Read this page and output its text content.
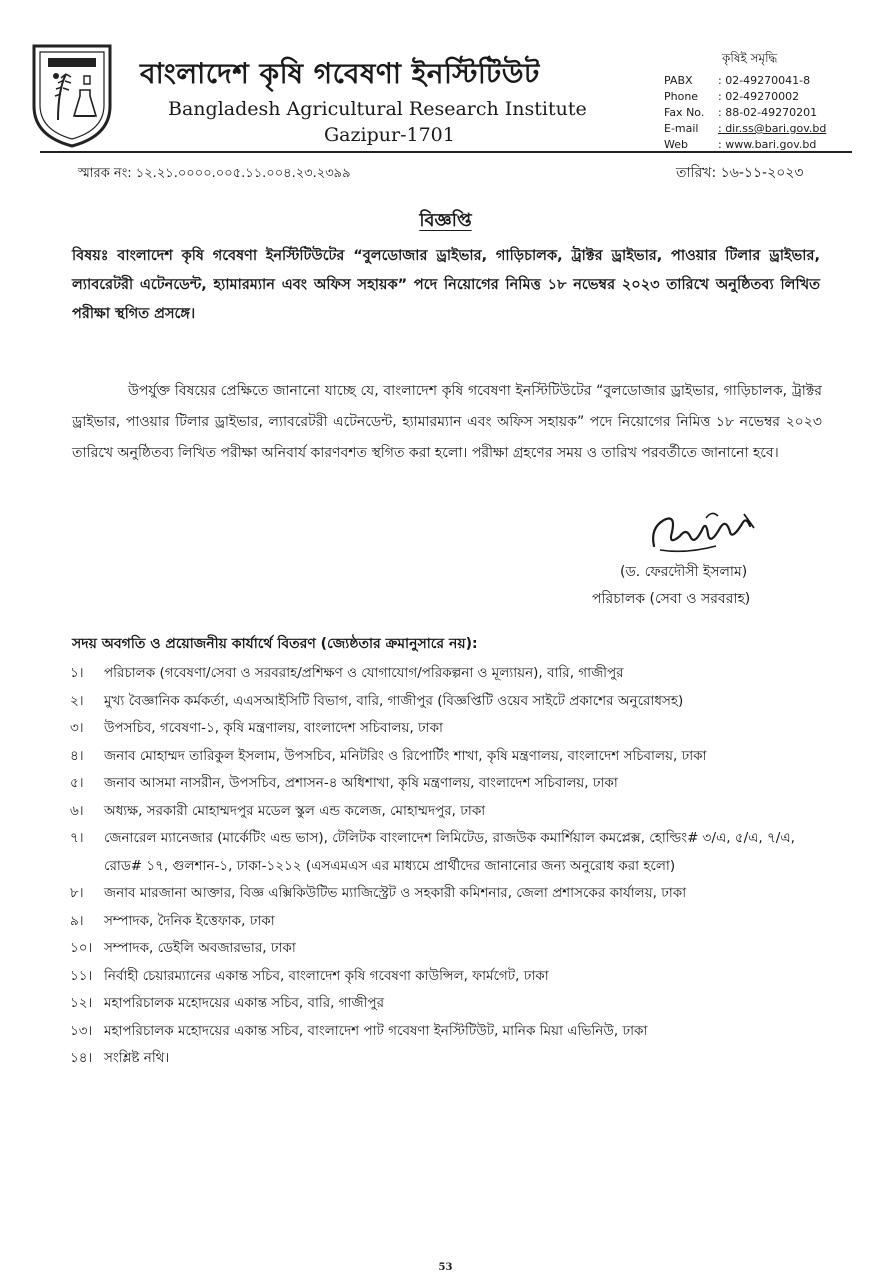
বাংলাদেশ কৃষি গবেষণা ইনস্টিটিউট
Bangladesh Agricultural Research Institute
Gazipur-1701
কৃষিই সমৃদ্ধি
PABX : 02-49270041-8
Phone : 02-49270002
Fax No. : 88-02-49270201
E-mail : dir.ss@bari.gov.bd
Web	: www.bari.gov.bd
স্মারক নং: ১২.২১.০০০০.০০৫.১১.০০৪.২৩.২৩৯৯	তারিখ: ১৬-১১-২০২৩
বিজ্ঞপ্তি
বিষয়ঃ বাংলাদেশ কৃষি গবেষণা ইনস্টিটিউটের “বুলডোজার ড্রাইভার, গাড়িচালক, ট্রাক্টর ড্রাইভার, পাওয়ার টিলার ড্রাইভার, ল্যাবরেটরী এটেনডেন্ট, হ্যামারম্যান এবং অফিস সহায়ক” পদে নিয়োগের নিমিত্ত ১৮ নভেম্বর ২০২৩ তারিখে অনুষ্ঠিতব্য লিখিত পরীক্ষা স্থগিত প্রসঙ্গে।
উপর্যুক্ত বিষয়ের প্রেক্ষিতে জানানো যাচ্ছে যে, বাংলাদেশ কৃষি গবেষণা ইনস্টিটিউটের “বুলডোজার ড্রাইভার, গাড়িচালক, ট্রাক্টর ড্রাইভার, পাওয়ার টিলার ড্রাইভার, ল্যাবরেটরী এটেনডেন্ট, হ্যামারম্যান এবং অফিস সহায়ক” পদে নিয়োগের নিমিত্ত ১৮ নভেম্বর ২০২৩ তারিখে অনুষ্ঠিতব্য লিখিত পরীক্ষা অনিবার্য কারণবশত স্থগিত করা হলো। পরীক্ষা গ্রহণের সময় ও তারিখ পরবর্তীতে জানানো হবে।
(ড. ফেরদৌসী ইসলাম)
পরিচালক (সেবা ও সরবরাহ)
সদয় অবগতি ও প্রয়োজনীয় কার্যার্থে বিতরণ (জ্যেষ্ঠতার ক্রমানুসারে নয়):
১।	পরিচালক (গবেষণা/সেবা ও সরবরাহ/প্রশিক্ষণ ও যোগাযোগ/পরিকল্পনা ও মূল্যায়ন), বারি, গাজীপুর
২।	মুখ্য বৈজ্ঞানিক কর্মকর্তা, এএসআইসিটি বিভাগ, বারি, গাজীপুর (বিজ্ঞপ্তিটি ওয়েব সাইটে প্রকাশের অনুরোধসহ)
৩।	উপসচিব, গবেষণা-১, কৃষি মন্ত্রণালয়, বাংলাদেশ সচিবালয়, ঢাকা
৪।	জনাব মোহাম্মদ তারিকুল ইসলাম, উপসচিব, মনিটরিং ও রিপোর্টিং শাখা, কৃষি মন্ত্রণালয়, বাংলাদেশ সচিবালয়, ঢাকা
৫।	জনাব আসমা নাসরীন, উপসচিব, প্রশাসন-৪ অধিশাখা, কৃষি মন্ত্রণালয়, বাংলাদেশ সচিবালয়, ঢাকা
৬।	অধ্যক্ষ, সরকারী মোহাম্মদপুর মডেল স্কুল এন্ড কলেজ, মোহাম্মদপুর, ঢাকা
৭।	জেনারেল ম্যানেজার (মার্কেটিং এন্ড ভাস), টেলিটক বাংলাদেশ লিমিটেড, রাজউক কমার্শিয়াল কমপ্লেক্স, হোল্ডিং# ৩/এ, ৫/এ, ৭/এ, রোড# ১৭, গুলশান-১, ঢাকা-১২১২ (এসএমএস এর মাধ্যমে প্রার্থীদের জানানোর জন্য অনুরোধ করা হলো)
৮।	জনাব মারজানা আক্তার, বিজ্ঞ এক্সিকিউটিভ ম্যাজিস্ট্রেট ও সহকারী কমিশনার, জেলা প্রশাসকের কার্যালয়, ঢাকা
৯।	সম্পাদক, দৈনিক ইত্তেফাক, ঢাকা
১০। সম্পাদক, ডেইলি অবজারভার, ঢাকা
১১। নির্বাহী চেয়ারম্যানের একান্ত সচিব, বাংলাদেশ কৃষি গবেষণা কাউন্সিল, ফার্মগেট, ঢাকা
১২। মহাপরিচালক মহোদয়ের একান্ত সচিব, বারি, গাজীপুর
১৩। মহাপরিচালক মহোদয়ের একান্ত সচিব, বাংলাদেশ পাট গবেষণা ইনস্টিটিউট, মানিক মিয়া এভিনিউ, ঢাকা
১৪। সংশ্লিষ্ট নথি।
53
